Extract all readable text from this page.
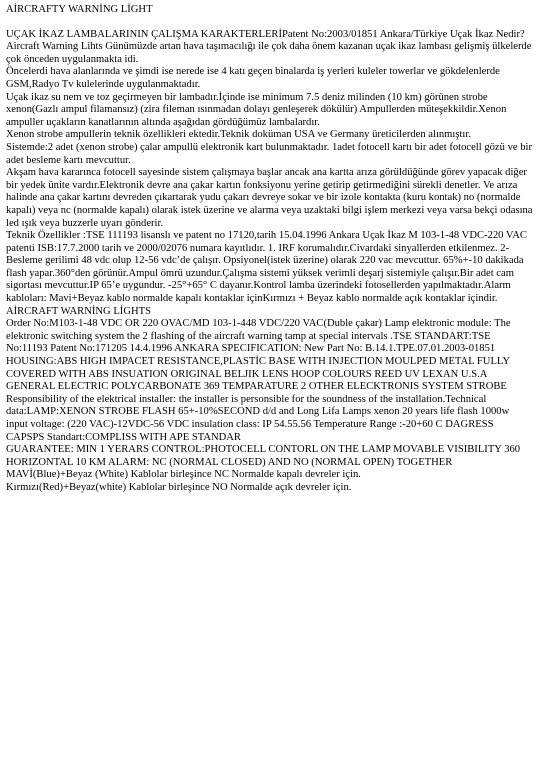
AİRCRAFTY WARNİNG LİGHT

UÇAK İKAZ LAMBALARININ ÇALIŞMA KARAKTERLERİPatent No:2003/01851 Ankara/Türkiye Uçak İkaz Nedir? Aircraft Warning Lihts Günümüzde artan hava taşımacılığı ile çok daha önem kazanan uçak ikaz lambası gelişmiş ülkelerde çok önceden uygulanmakta idi.

Öncelerdi hava alanlarında ve şimdi ise nerede ise 4 katı geçen binalarda iş yerleri kuleler towerlar ve gökdelenlerde GSM,Radyo Tv kulelerinde uygulanmaktadır.

Uçak ikaz su nem ve toz geçirmeyen bir lambadır.İçinde ise minimum 7.5 deniz milinden (10 km) görünen strobe xenon(Gazlı ampul filamansız) (zira fileman ısınmadan dolayı genleşerek dökülür) Ampullerden müteşekkildir.Xenon ampuller uçakların kanatlarının altında aşağıdan gördüğümüz lambalardır.

Xenon strobe ampullerin teknik özellikleri ektedir.Teknik doküman USA ve Germany üreticilerden alınmıştır.

Sistemde:2 adet (xenon strobe) çalar ampullü elektronik kart bulunmaktadır. 1adet fotocell kartı bir adet fotocell gözü ve bir adet besleme kartı mevcuttur.

Akşam hava kararınca fotocell sayesinde sistem çalışmaya başlar ancak ana kartta arıza görüldüğünde görev yapacak diğer bir yedek ünite vardır.Elektronik devre ana çakar kartın fonksiyonu yerine getirip getirmediğini sürekli denetler. Ve arıza halinde ana çakar kartını devreden çıkartarak yudu çakarı devreye sokar ve bir izole kontakta (kuru kontak) no (normalde kapalı) veya nc (normalde kapalı) olarak istek üzerine ve alarma veya uzaktaki bilgi işlem merkezi veya varsa bekçi odasına led ışık veya buzzerle uyarı gönderir.

Teknik Özellikler :TSE 111193 lisanslı ve patent no 17120,tarih 15.04.1996 Ankara Uçak İkaz M 103-1-48 VDC-220 VAC patenti ISB:17.7.2000 tarih ve 2000/02076 numara kayıtlıdır. 1. IRF korumalıdır.Civardaki sinyallerden etkilenmez. 2- Besleme gerilimi 48 vdc olup 12-56 vdc’de çalışır. Opsiyonel(istek üzerine) olarak 220 vac mevcuttur. 65%+-10 dakikada flash yapar.360°den görünür.Ampul ömrü uzundur.Çalışma sistemi yüksek verimli deşarj sistemiyle çalışır.Bir adet cam sigortası mevcuttur.IP 65’e uygundur. -25°+65° C dayanır.Kontrol lamba üzerindeki fotosellerden yapılmaktadır.Alarm kabloları: Mavi+Beyaz kablo normalde kapalı kontaklar içinKırmızı + Beyaz kablo normalde açık kontaklar içindir.

AİRCRAFT WARNİNG LİGHTS

Order No:M103-1-48 VDC OR 220 OVAC/MD 103-1-448 VDC/220 VAC(Duble çakar) Lamp elektronic module: The elektronic switching system the 2 flashing of the aircraft warning tamp at special intervals .TSE STANDART:TSE No:11193 Patent No:171205 14.4.1996 ANKARA SPECIFICATION: New Part No: B.14.1.TPE.07.01.2003-01851 HOUSING:ABS HIGH IMPACET RESISTANCE,PLASTİC BASE WITH INJECTION MOULPED METAL FULLY COVERED WITH ABS INSUATION ORIGINAL BELJIK LENS HOOP COLOURS REED UV LEXAN U.S.A GENERAL ELECTRIC POLYCARBONATE 369 TEMPARATURE 2 OTHER ELECKTRONIS SYSTEM STROBE Responsibility of the elektrical installer: the installer is personsible for the soundness of the installation.Technical data:LAMP:XENON STROBE FLASH 65+-10%SECOND d/d and Long Lifa Lamps xenon 20 years life flash 1000w input voltage: (220 VAC)-12VDC-56 VDC insulation class: IP 54.55.56 Temperature Range :-20+60 C DAGRESS CAPSPS Standart:COMPLISS WITH APE STANDAR

GUARANTEE: MIN 1 YERARS CONTROL:PHOTOCELL CONTORL ON THE LAMP MOVABLE VISIBILITY 360 HORIZONTAL 10 KM ALARM: NC (NORMAL CLOSED) AND NO (NORMAL OPEN) TOGETHER MAVİ(Blue)+Beyaz (White) Kablolar birleşince NC Normalde kapalı devreler için.

Kırmızı(Red)+Beyaz(white) Kablolar birleşince NO Normalde açık devreler için.
